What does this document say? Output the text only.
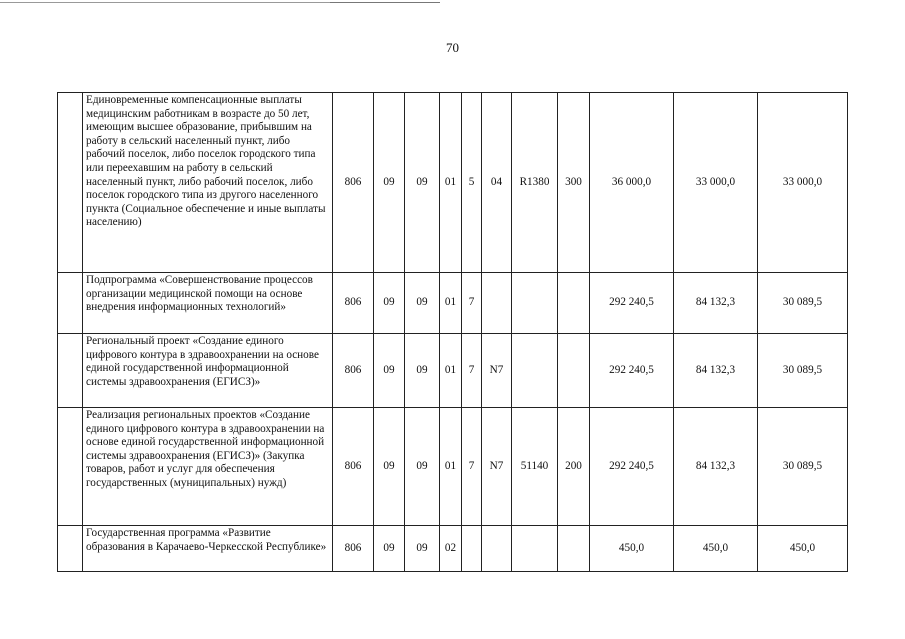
70
	Единовременные компенсационные выплаты медицинским работникам в возрасте до 50 лет, имеющим высшее образование, прибывшим на работу в сельский населенный пункт, либо рабочий поселок, либо поселок городского типа или переехавшим на работу в сельский населенный пункт, либо рабочий поселок, либо поселок городского типа из другого населенного пункта (Социальное обеспечение и иные выплаты населению)	806	09	09	01	5	04	R1380	300	36 000,0	33 000,0	33 000,0
	Подпрограмма «Совершенствование процессов организации медицинской помощи на основе внедрения информационных технологий»	806	09	09	01	7				292 240,5	84 132,3	30 089,5
	Региональный проект «Создание единого цифрового контура в здравоохранении на основе единой государственной информационной системы здравоохранения (ЕГИСЗ)»	806	09	09	01	7	N7			292 240,5	84 132,3	30 089,5
	Реализация региональных проектов «Создание единого цифрового контура в здравоохранении на основе единой государственной информационной системы здравоохранения (ЕГИСЗ)» (Закупка товаров, работ и услуг для обеспечения государственных (муниципальных) нужд)	806	09	09	01	7	N7	51140	200	292 240,5	84 132,3	30 089,5
	Государственная программа «Развитие образования в Карачаево-Черкесской Республике»	806	09	09	02					450,0	450,0	450,0
